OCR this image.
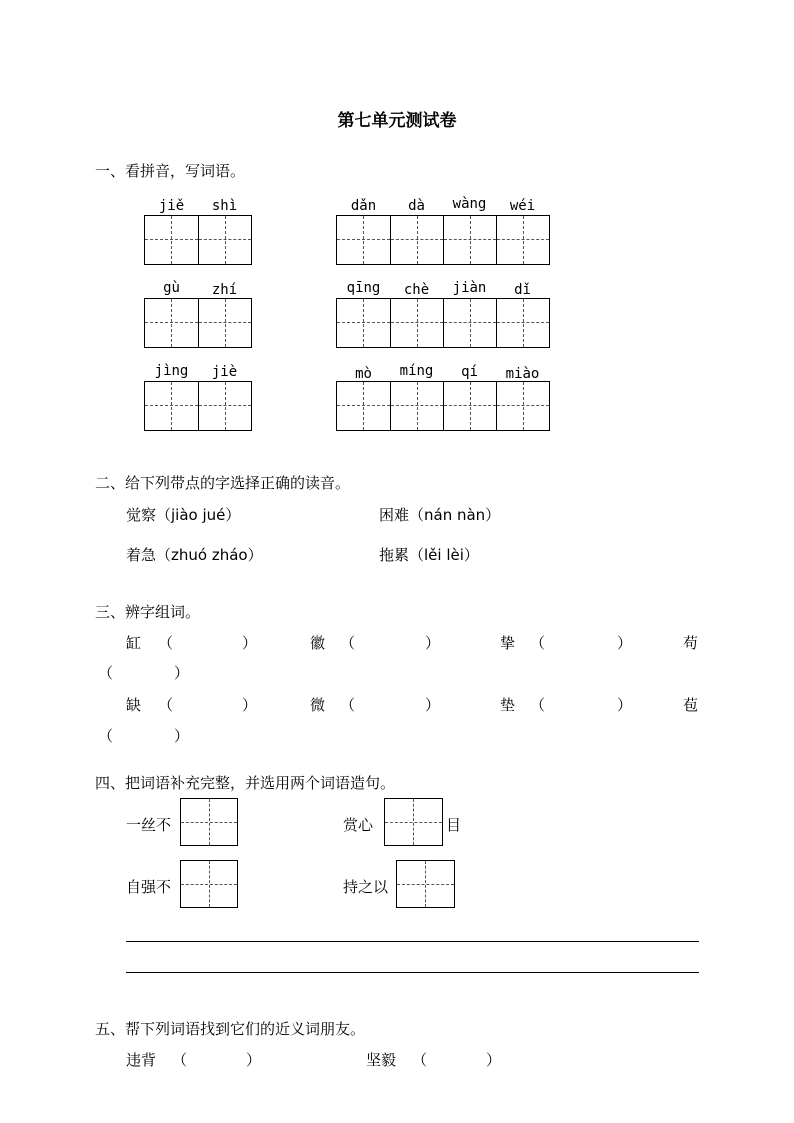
第七单元测试卷
一、看拼音，写词语。
jiě	shì	dǎn	dà	wàng	wéi
gù	zhí	qīng	chè	jiàn	dǐ
jìng	jiè	mò	míng	qí	miào
二、给下列带点的字选择正确的读音。
觉察（jiào jué）	困难（nán nàn）
着急（zhuó zháo）	拖累（lěi lèi）
三、辨字组词。
缸 （	）	徽 （	）	挚 （	）	苟
（	）
缺 （	）	微 （	）	垫 （	）	苞
（	）
四、把词语补充完整，并选用两个词语造句。
一丝不	赏心	目
自强不	持之以
五、帮下列词语找到它们的近义词朋友。
违背 （	）	坚毅 （	）
